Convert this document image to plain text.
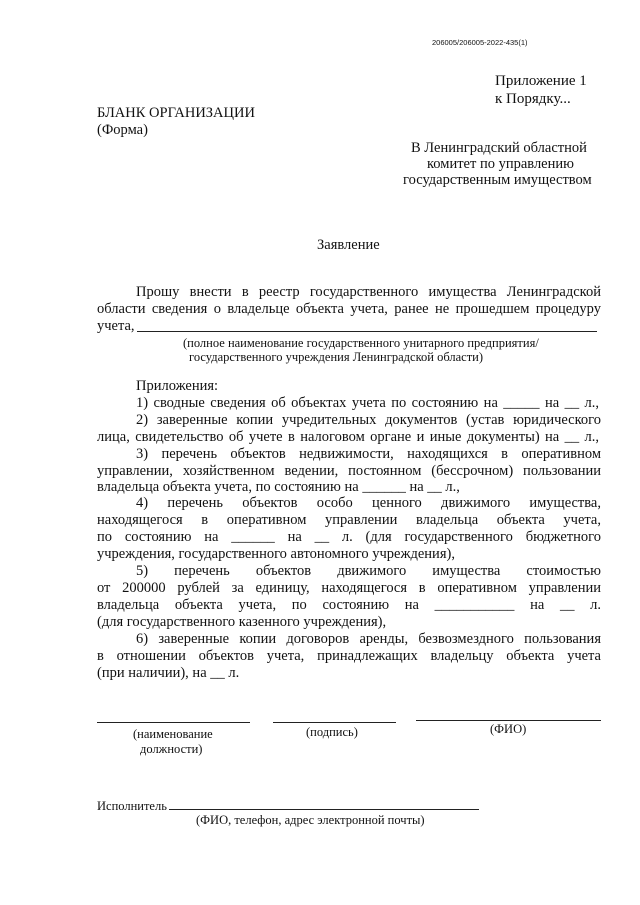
206005/206005-2022-435(1)
Приложение 1
к Порядку...
БЛАНК ОРГАНИЗАЦИИ
(Форма)
В Ленинградский областной
комитет по управлению
государственным имуществом
Заявление
Прошу внести в реестр государственного имущества Ленинградской
области сведения о владельце объекта учета, ранее не прошедшем процедуру
учета,
(полное наименование государственного унитарного предприятия/
государственного учреждения Ленинградской области)
Приложения:
1) сводные сведения об объектах учета по состоянию на _____ на __ л.,
2) заверенные копии учредительных документов (устав юридического
лица, свидетельство об учете в налоговом органе и иные документы) на __ л.,
3) перечень объектов недвижимости, находящихся в оперативном
управлении, хозяйственном ведении, постоянном (бессрочном) пользовании
владельца объекта учета, по состоянию на ______ на __ л.,
4) перечень объектов особо ценного движимого имущества,
находящегося в оперативном управлении владельца объекта учета,
по состоянию на ______ на __ л. (для государственного бюджетного
учреждения, государственного автономного учреждения),
5) перечень объектов движимого имущества стоимостью
от 200000 рублей за единицу, находящегося в оперативном управлении
владельца объекта учета, по состоянию на ___________ на __ л.
(для государственного казенного учреждения),
6) заверенные копии договоров аренды, безвозмездного пользования
в отношении объектов учета, принадлежащих владельцу объекта учета
(при наличии), на __ л.
(наименование
должности)
(подпись)	(ФИО)
Исполнитель
(ФИО, телефон, адрес электронной почты)
